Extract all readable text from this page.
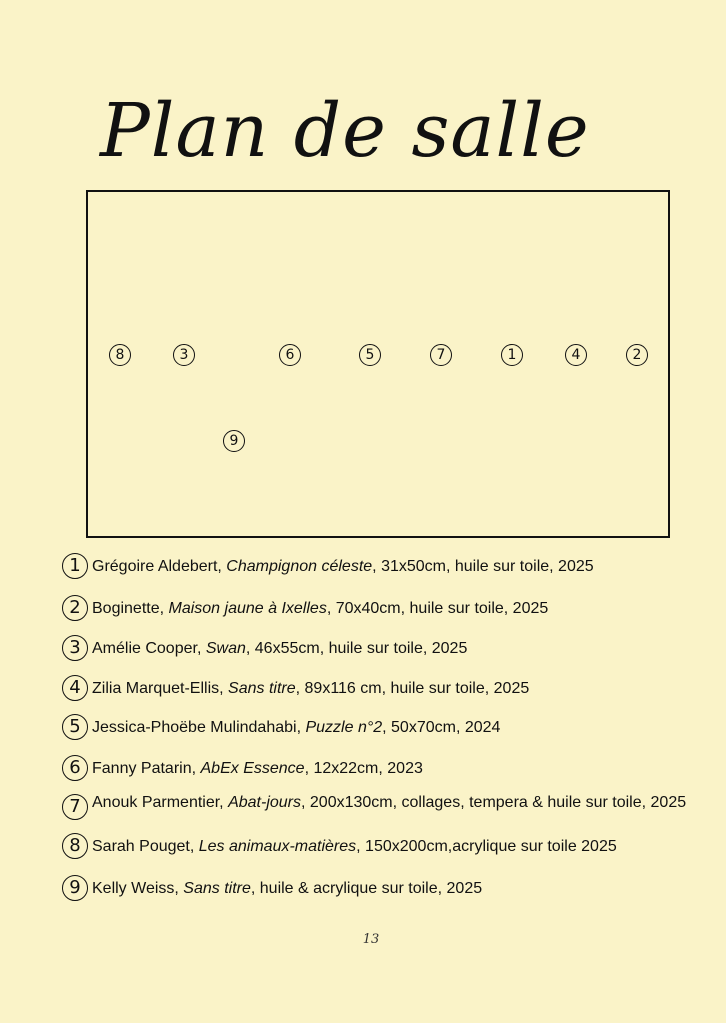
Plan de salle
8	3	6	5	7	1	4	2
9
1 Grégoire Aldebert, Champignon céleste, 31x50cm, huile sur toile, 2025
2 Boginette, Maison jaune à Ixelles, 70x40cm, huile sur toile, 2025
3 Amélie Cooper, Swan, 46x55cm, huile sur toile, 2025
4 Zilia Marquet-Ellis, Sans titre, 89x116 cm, huile sur toile, 2025
5 Jessica-Phoëbe Mulindahabi, Puzzle n°2, 50x70cm, 2024
6 Fanny Patarin, AbEx Essence, 12x22cm, 2023
7 Anouk Parmentier, Abat-jours, 200x130cm, collages, tempera & huile sur toile, 2025
8 Sarah Pouget, Les animaux-matières, 150x200cm,acrylique sur toile 2025
9 Kelly Weiss, Sans titre, huile & acrylique sur toile, 2025
13
